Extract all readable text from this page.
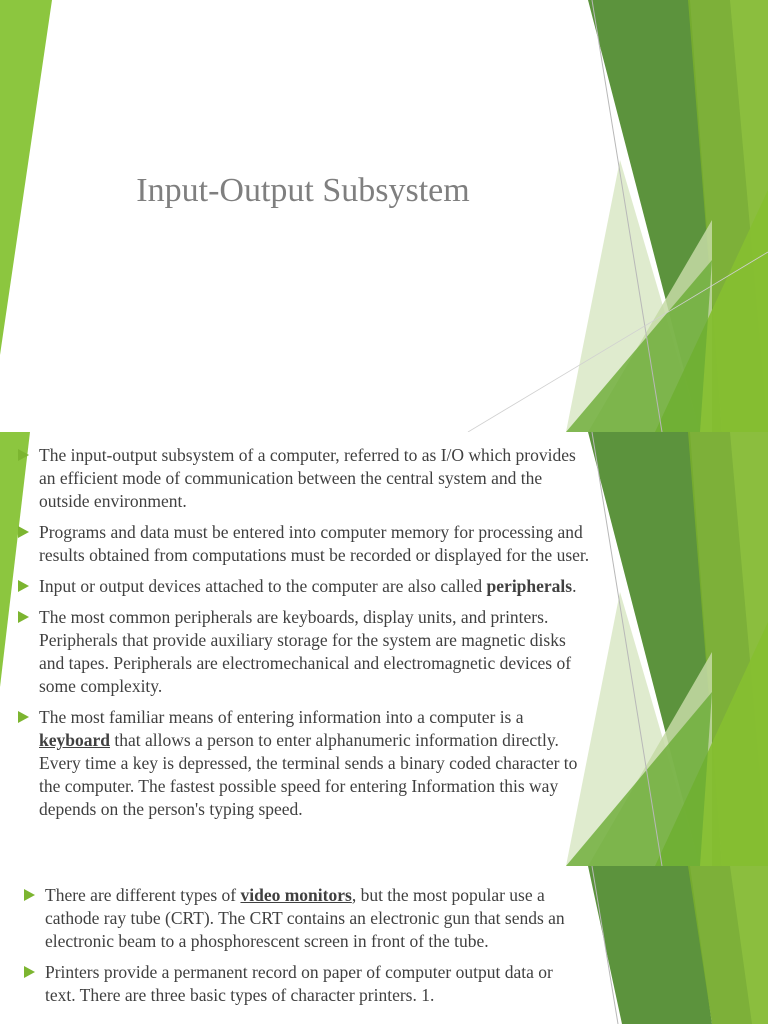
Input-Output Subsystem
The input-output subsystem of a computer, referred to as I/O which provides an efficient mode of communication between the central system and the outside environment.
Programs and data must be entered into computer memory for processing and results obtained from computations must be recorded or displayed for the user.
Input or output devices attached to the computer are also called peripherals.
The most common peripherals are keyboards, display units, and printers. Peripherals that provide auxiliary storage for the system are magnetic disks and tapes. Peripherals are electromechanical and electromagnetic devices of some complexity.
The most familiar means of entering information into a computer is a keyboard that allows a person to enter alphanumeric information directly. Every time a key is depressed, the terminal sends a binary coded character to the computer. The fastest possible speed for entering Information this way depends on the person's typing speed.
There are different types of video monitors, but the most popular use a cathode ray tube (CRT). The CRT contains an electronic gun that sends an electronic beam to a phosphorescent screen in front of the tube.
Printers provide a permanent record on paper of computer output data or text. There are three basic types of character printers. 1.
